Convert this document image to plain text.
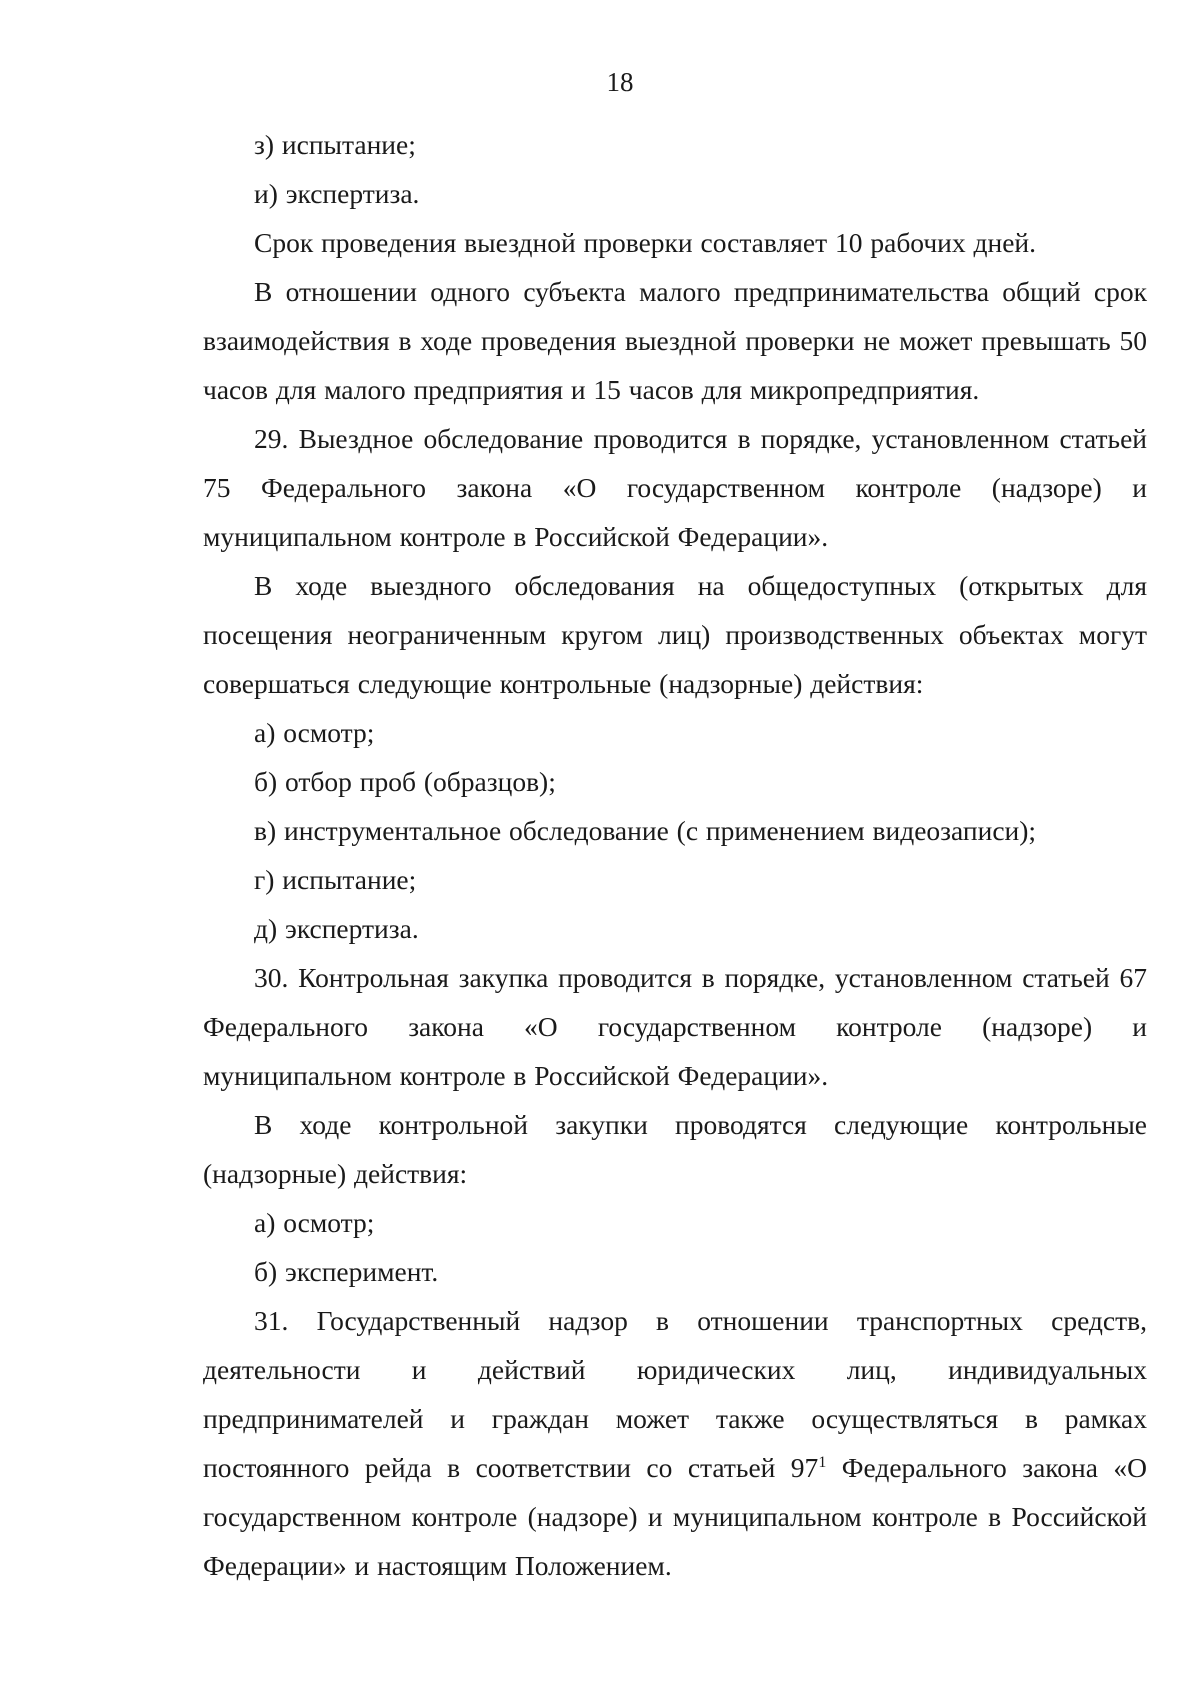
18

з) испытание;

и) экспертиза.

Срок проведения выездной проверки составляет 10 рабочих дней.

В отношении одного субъекта малого предпринимательства общий срок взаимодействия в ходе проведения выездной проверки не может превышать 50 часов для малого предприятия и 15 часов для микропредприятия.

29. Выездное обследование проводится в порядке, установленном статьей 75 Федерального закона «О государственном контроле (надзоре) и муниципальном контроле в Российской Федерации».

В ходе выездного обследования на общедоступных (открытых для посещения неограниченным кругом лиц) производственных объектах могут совершаться следующие контрольные (надзорные) действия:

а) осмотр;

б) отбор проб (образцов);

в) инструментальное обследование (с применением видеозаписи);

г) испытание;

д) экспертиза.

30. Контрольная закупка проводится в порядке, установленном статьей 67 Федерального закона «О государственном контроле (надзоре) и муниципальном контроле в Российской Федерации».

В ходе контрольной закупки проводятся следующие контрольные (надзорные) действия:

а) осмотр;

б) эксперимент.

31. Государственный надзор в отношении транспортных средств, деятельности и действий юридических лиц, индивидуальных предпринимателей и граждан может также осуществляться в рамках постоянного рейда в соответствии со статьей $97^1$ Федерального закона «О государственном контроле (надзоре) и муниципальном контроле в Российской Федерации» и настоящим Положением.
